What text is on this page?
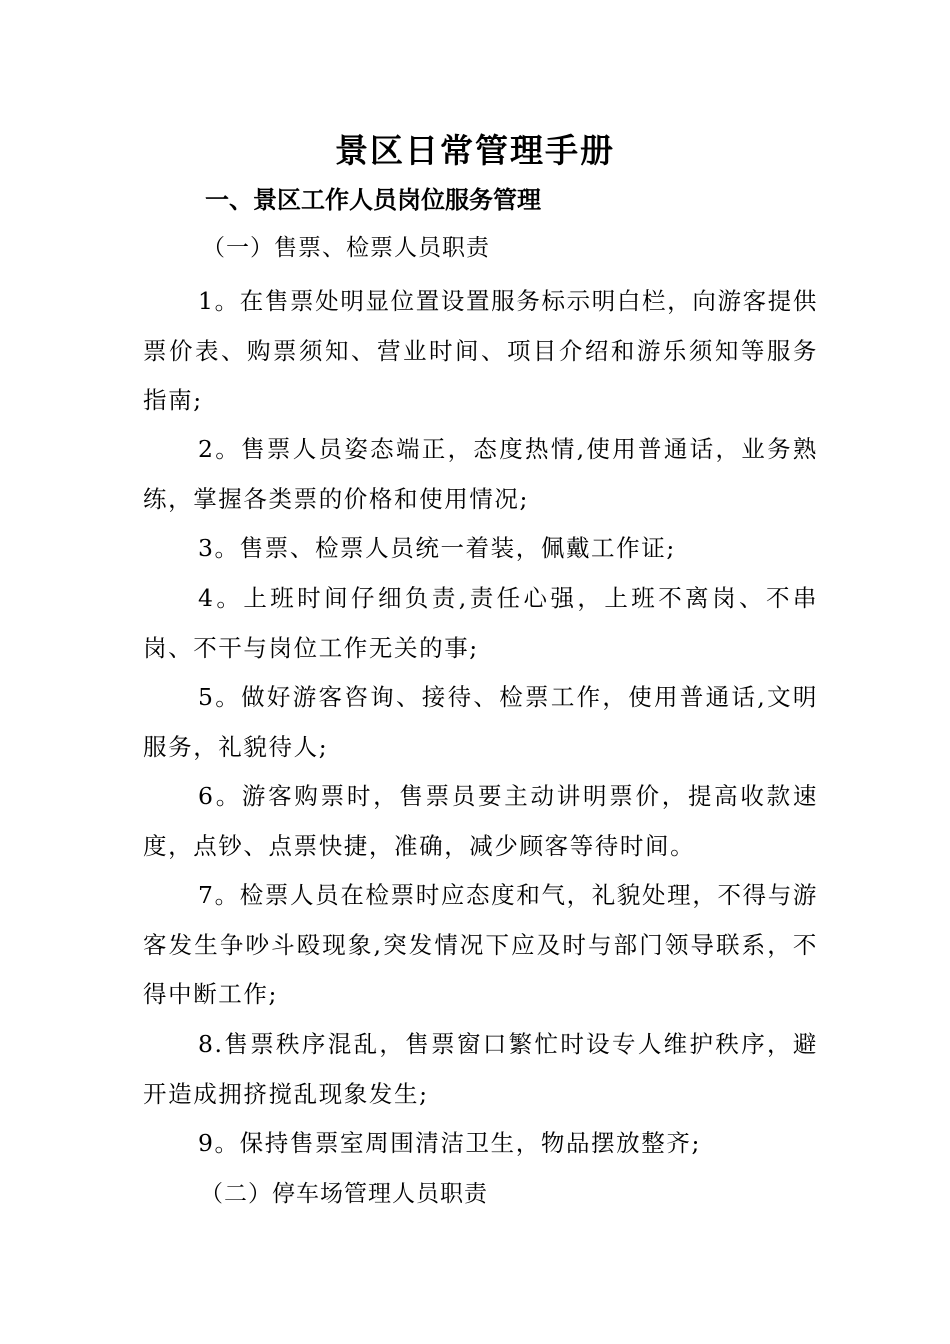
景区日常管理手册
一、景区工作人员岗位服务管理
（一）售票、检票人员职责
1。在售票处明显位置设置服务标示明白栏，向游客提供票价表、购票须知、营业时间、项目介绍和游乐须知等服务指南;
2。售票人员姿态端正，态度热情,使用普通话，业务熟练，掌握各类票的价格和使用情况;
3。售票、检票人员统一着装，佩戴工作证;
4。上班时间仔细负责,责任心强，上班不离岗、不串岗、不干与岗位工作无关的事;
5。做好游客咨询、接待、检票工作，使用普通话,文明服务，礼貌待人;
6。游客购票时，售票员要主动讲明票价，提高收款速度，点钞、点票快捷，准确，减少顾客等待时间。
7。检票人员在检票时应态度和气，礼貌处理，不得与游客发生争吵斗殴现象,突发情况下应及时与部门领导联系，不得中断工作;
8.售票秩序混乱，售票窗口繁忙时设专人维护秩序，避开造成拥挤搅乱现象发生;
9。保持售票室周围清洁卫生，物品摆放整齐;
（二）停车场管理人员职责
